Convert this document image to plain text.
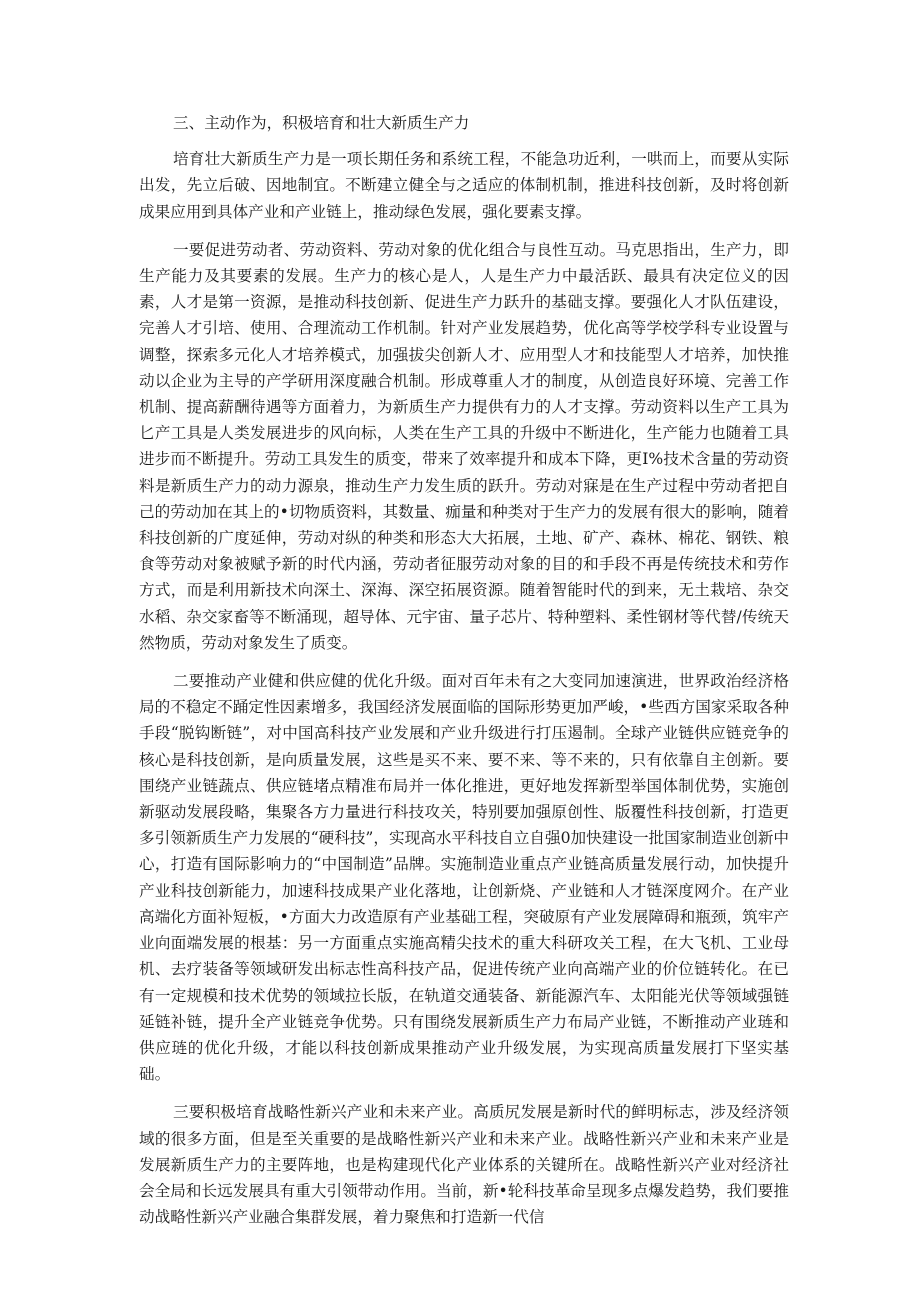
三、主动作为，积极培育和壮大新质生产力

培育壮大新质生产力是一项长期任务和系统工程，不能急功近利，一哄而上，而要从实际出发，先立后破、因地制宜。不断建立健全与之适应的体制机制，推进科技创新，及时将创新成果应用到具体产业和产业链上，推动绿色发展，强化要素支撑。

一要促进劳动者、劳动资料、劳动对象的优化组合与良性互动。马克思指出，生产力，即生产能力及其要素的发展。生产力的核心是人，人是生产力中最活跃、最具有决定位义的因素，人才是第一资源，是推动科技创新、促进生产力跃升的基础支撑。要强化人才队伍建设，完善人才引培、使用、合理流动工作机制。针对产业发展趋势，优化高等学校学科专业设置与调整，探索多元化人才培养模式，加强拔尖创新人才、应用型人才和技能型人才培养，加快推动以企业为主导的产学研用深度融合机制。形成尊重人才的制度，从创造良好环境、完善工作机制、提高薪酬待遇等方面着力，为新质生产力提供有力的人才支撑。劳动资料以生产工具为匕产工具是人类发展进步的风向标，人类在生产工具的升级中不断进化，生产能力也随着工具进步而不断提升。劳动工具发生的质变，带来了效率提升和成本下降，更I%技术含量的劳动资料是新质生产力的动力源泉，推动生产力发生质的跃升。劳动对寐是在生产过程中劳动者把自己的劳动加在其上的•切物质资料，其数量、痂量和种类对于生产力的发展有很大的影响，随着科技创新的广度延伸，劳动对纵的种类和形态大大拓展，土地、矿产、森林、棉花、钢铁、粮食等劳动对象被赋予新的时代内涵，劳动者征服劳动对象的目的和手段不再是传统技术和劳作方式，而是利用新技术向深土、深海、深空拓展资源。随着智能时代的到来，无土栽培、杂交水稻、杂交家畜等不断涌现，超导体、元宇宙、量子芯片、特种塑料、柔性钢材等代替/传统天然物质，劳动对象发生了质变。

二要推动产业健和供应健的优化升级。面对百年未有之大变同加速演进，世界政治经济格局的不稳定不踊定性因素增多，我国经济发展面临的国际形势更加严峻，•些西方国家采取各种手段“脱钩断链”，对中国高科技产业发展和产业升级进行打压遏制。全球产业链供应链竞争的核心是科技创新，是向质量发展，这些是买不来、要不来、等不来的，只有依靠自主创新。要围绕产业链蔬点、供应链堵点精准布局并一体化推进，更好地发挥新型举国体制优势，实施创新驱动发展段略，集聚各方力量进行科技攻关，特别要加强原创性、版覆性科技创新，打造更多引领新质生产力发展的“硬科技”，实现高水平科技自立自强0加快建设一批国家制造业创新中心，打造有国际影响力的“中国制造”品牌。实施制造业重点产业链高质量发展行动，加快提升产业科技创新能力，加速科技成果产业化落地，让创新烧、产业链和人才链深度网介。在产业高端化方面补短板，•方面大力改造原有产业基础工程，突破原有产业发展障碍和瓶颈，筑牢产业向面端发展的根基：另一方面重点实施高精尖技术的重大科研攻关工程，在大飞机、工业母机、去疗装备等领域研发出标志性高科技产品，促进传统产业向高端产业的价位链转化。在已有一定规模和技术优势的领域拉长版，在轨道交通装备、新能源汽车、太阳能光伏等领域强链延链补链，提升全产业链竞争优势。只有围绕发展新质生产力布局产业链，不断推动产业琏和供应琏的优化升级，才能以科技创新成果推动产业升级发展，为实现高质量发展打下坚实基础。

三要积极培育战略性新兴产业和未来产业。高质尻发展是新时代的鲜明标志，涉及经济领域的很多方面，但是至关重要的是战略性新兴产业和未来产业。战略性新兴产业和未来产业是发展新质生产力的主要阵地，也是构建现代化产业体系的关键所在。战略性新兴产业对经济社会全局和长远发展具有重大引领带动作用。当前，新•轮科技革命呈现多点爆发趋势，我们要推动战略性新兴产业融合集群发展，着力聚焦和打造新一代信
